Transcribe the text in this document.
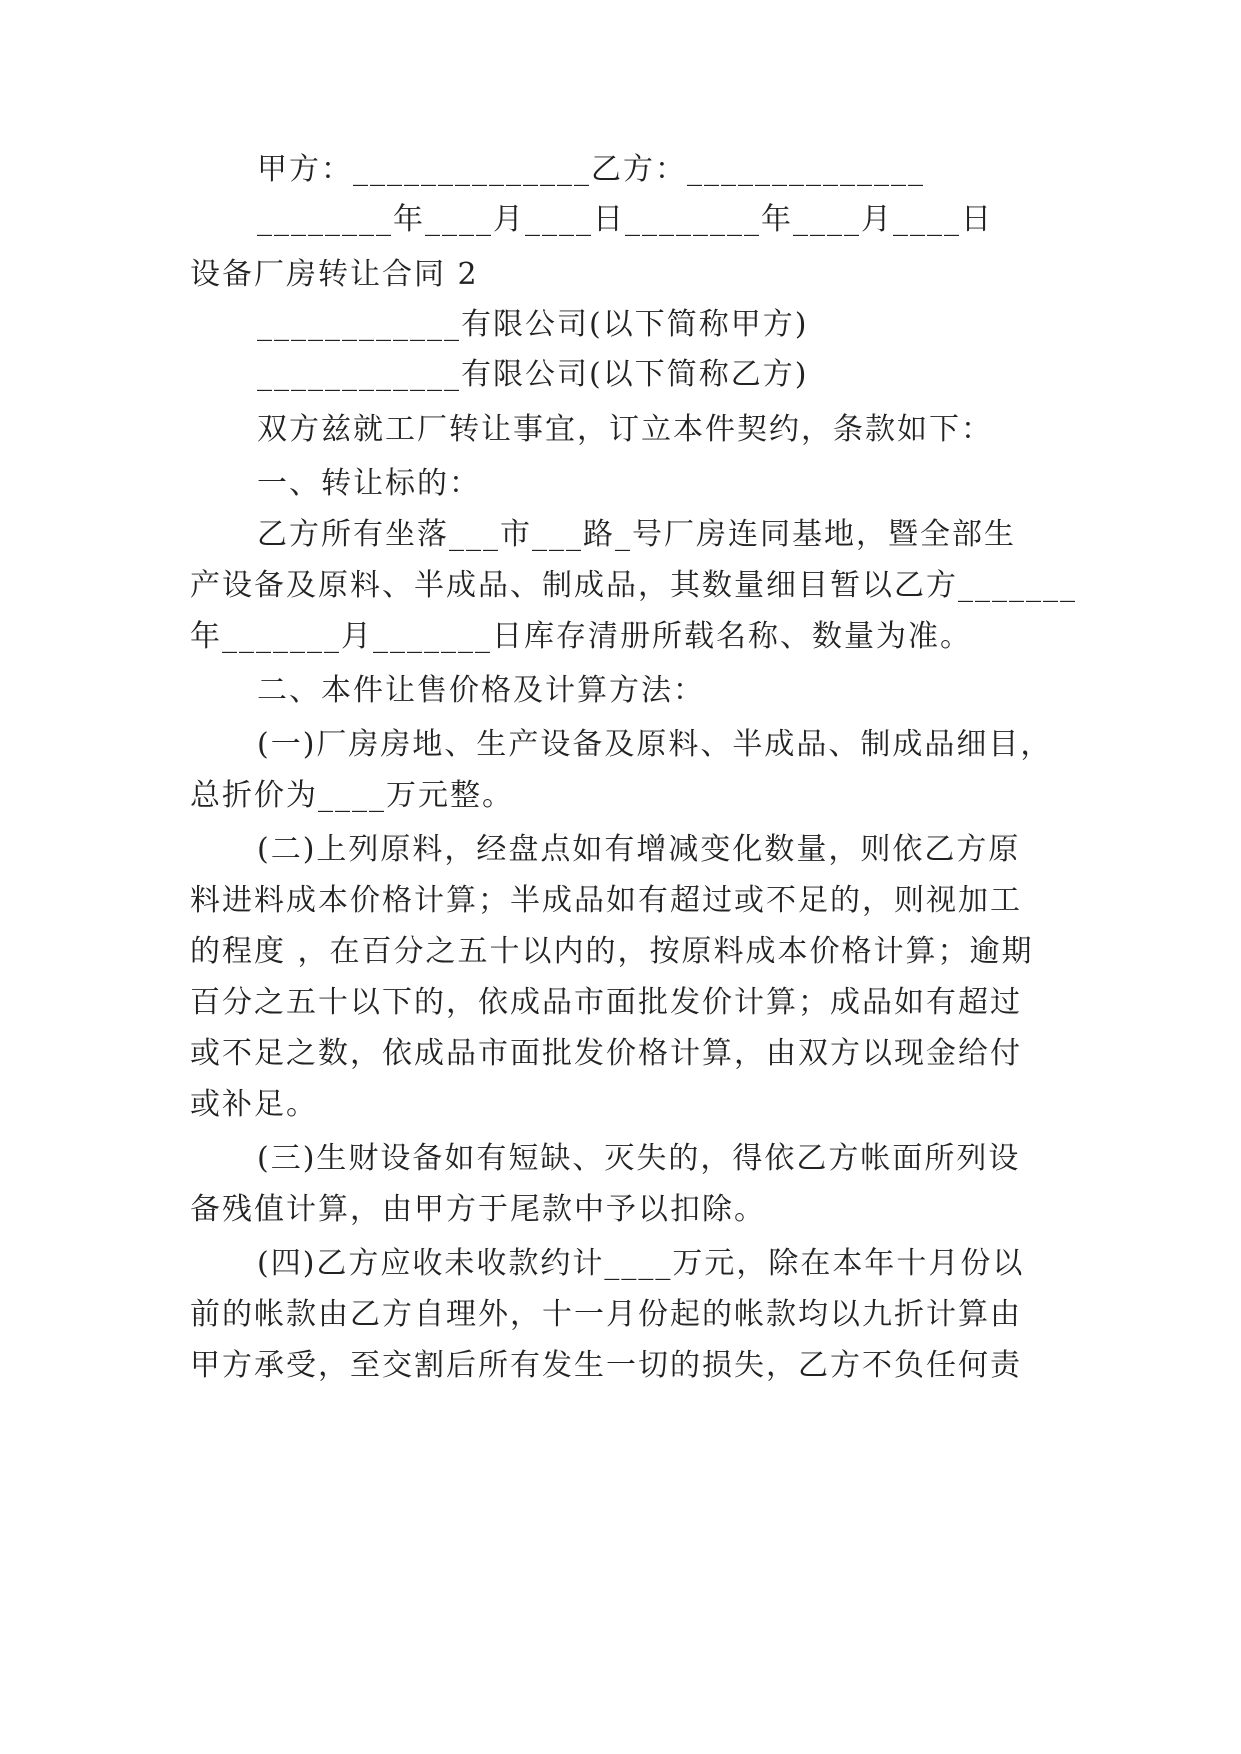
甲方：______________乙方：______________
________年____月____日________年____月____日
设备厂房转让合同 2
____________有限公司(以下简称甲方)
____________有限公司(以下简称乙方)
双方兹就工厂转让事宜，订立本件契约，条款如下：
一、转让标的：
乙方所有坐落___市___路_号厂房连同基地，暨全部生
产设备及原料、半成品、制成品，其数量细目暂以乙方_______
年_______月_______日库存清册所载名称、数量为准。
二、本件让售价格及计算方法：
(一)厂房房地、生产设备及原料、半成品、制成品细目，
总折价为____万元整。
(二)上列原料，经盘点如有增减变化数量，则依乙方原
料进料成本价格计算；半成品如有超过或不足的，则视加工
的程度 ，在百分之五十以内的，按原料成本价格计算；逾期
百分之五十以下的，依成品市面批发价计算；成品如有超过
或不足之数，依成品市面批发价格计算，由双方以现金给付
或补足。
(三)生财设备如有短缺、灭失的，得依乙方帐面所列设
备残值计算，由甲方于尾款中予以扣除。
(四)乙方应收未收款约计____万元，除在本年十月份以
前的帐款由乙方自理外，十一月份起的帐款均以九折计算由
甲方承受，至交割后所有发生一切的损失，乙方不负任何责
